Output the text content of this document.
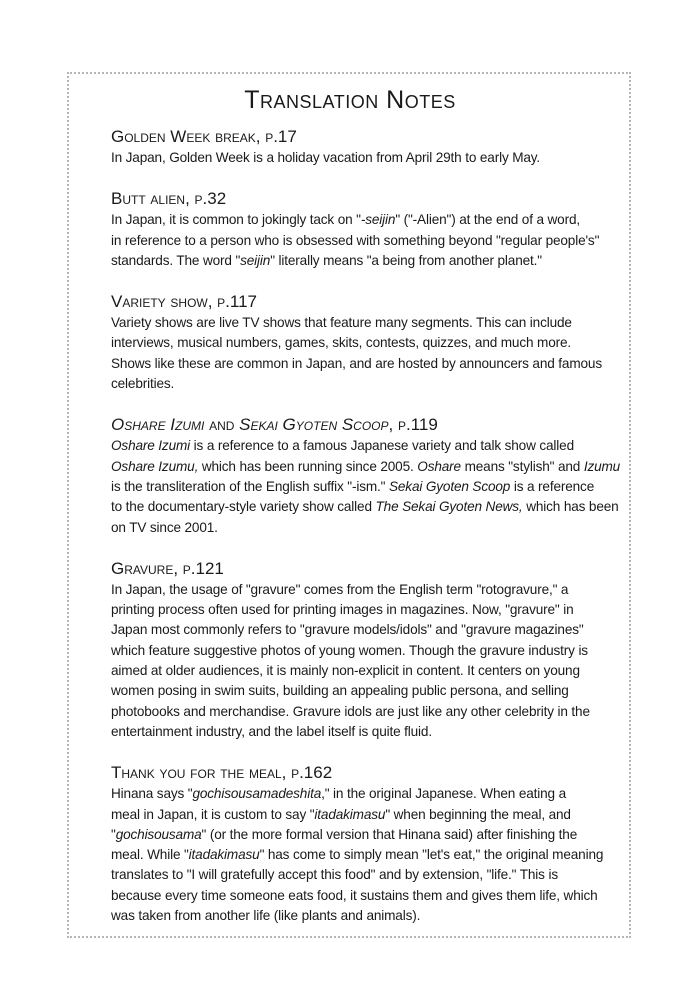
Translation Notes
Golden Week break, p.17
In Japan, Golden Week is a holiday vacation from April 29th to early May.
Butt alien, p.32
In Japan, it is common to jokingly tack on "-seijin" ("-Alien") at the end of a word,
in reference to a person who is obsessed with something beyond "regular people's"
standards. The word "seijin" literally means "a being from another planet."
Variety show, p.117
Variety shows are live TV shows that feature many segments. This can include
interviews, musical numbers, games, skits, contests, quizzes, and much more.
Shows like these are common in Japan, and are hosted by announcers and famous
celebrities.
Oshare Izumi and Sekai Gyoten Scoop, p.119
Oshare Izumi is a reference to a famous Japanese variety and talk show called
Oshare Izumu, which has been running since 2005. Oshare means "stylish" and Izumu
is the transliteration of the English suffix "-ism." Sekai Gyoten Scoop is a reference
to the documentary-style variety show called The Sekai Gyoten News, which has been
on TV since 2001.
Gravure, p.121
In Japan, the usage of "gravure" comes from the English term "rotogravure," a
printing process often used for printing images in magazines. Now, "gravure" in
Japan most commonly refers to "gravure models/idols" and "gravure magazines"
which feature suggestive photos of young women. Though the gravure industry is
aimed at older audiences, it is mainly non-explicit in content. It centers on young
women posing in swim suits, building an appealing public persona, and selling
photobooks and merchandise. Gravure idols are just like any other celebrity in the
entertainment industry, and the label itself is quite fluid.
Thank you for the meal, p.162
Hinana says "gochisousamadeshita," in the original Japanese. When eating a
meal in Japan, it is custom to say "itadakimasu" when beginning the meal, and
"gochisousama" (or the more formal version that Hinana said) after finishing the
meal. While "itadakimasu" has come to simply mean "let's eat," the original meaning
translates to "I will gratefully accept this food" and by extension, "life." This is
because every time someone eats food, it sustains them and gives them life, which
was taken from another life (like plants and animals).
